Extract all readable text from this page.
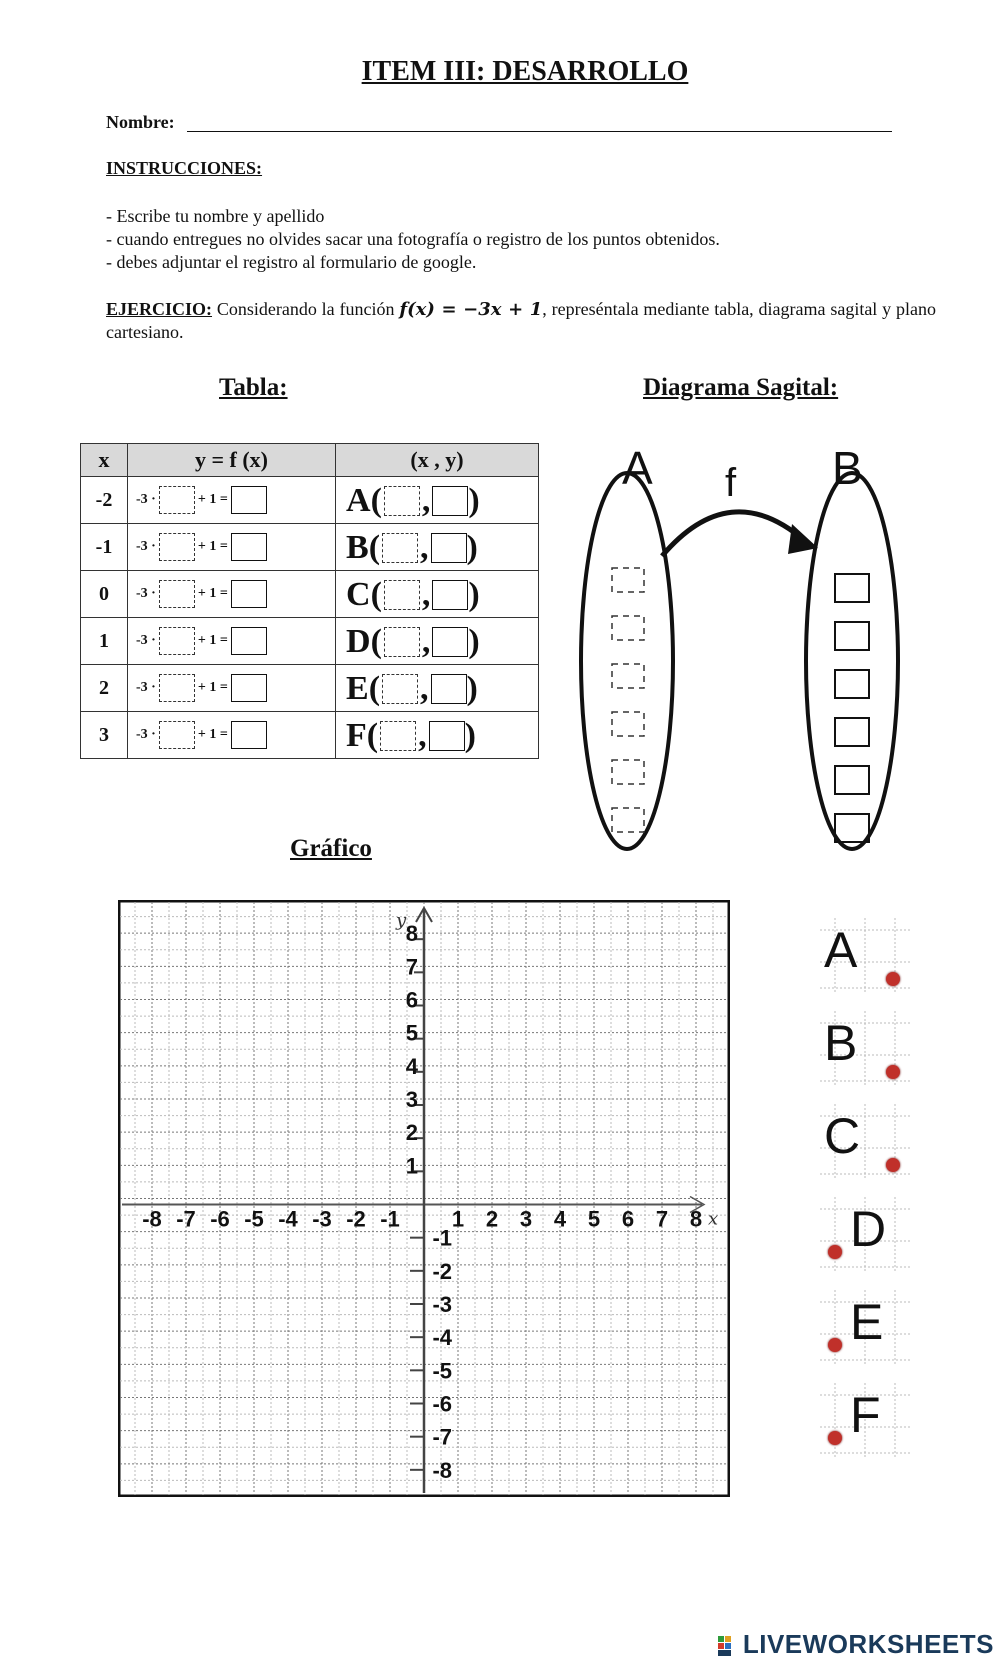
ITEM III: DESARROLLO
Nombre:
INSTRUCCIONES:
- Escribe tu nombre y apellido
- cuando entregues no olvides sacar una fotografía o registro de los puntos obtenidos.
- debes adjuntar el registro al formulario de google.
EJERCICIO: Considerando la función f(x) = −3x + 1, represéntala mediante tabla, diagrama sagital y plano cartesiano.
Tabla:	Diagrama Sagital:
x	y = f (x)	(x , y)
-2	-3 · + 1 =	A( , )
-1	-3 · + 1 =	B( , )
0	-3 · + 1 =	C( , )
1	-3 · + 1 =	D( , )
2	-3 · + 1 =	E( , )
3	-3 · + 1 =	F( , )
A	B
f
Gráfico
x
y
-8 -7 -6 -5 -4 -3 -2 -1 1 2 3 4 5 6 7 8
1
2
3
4
5
6
7
8
-1
-2
-3
-4
-5
-6
-7
-8
A
B
C
D
E
F
LIVEWORKSHEETS
